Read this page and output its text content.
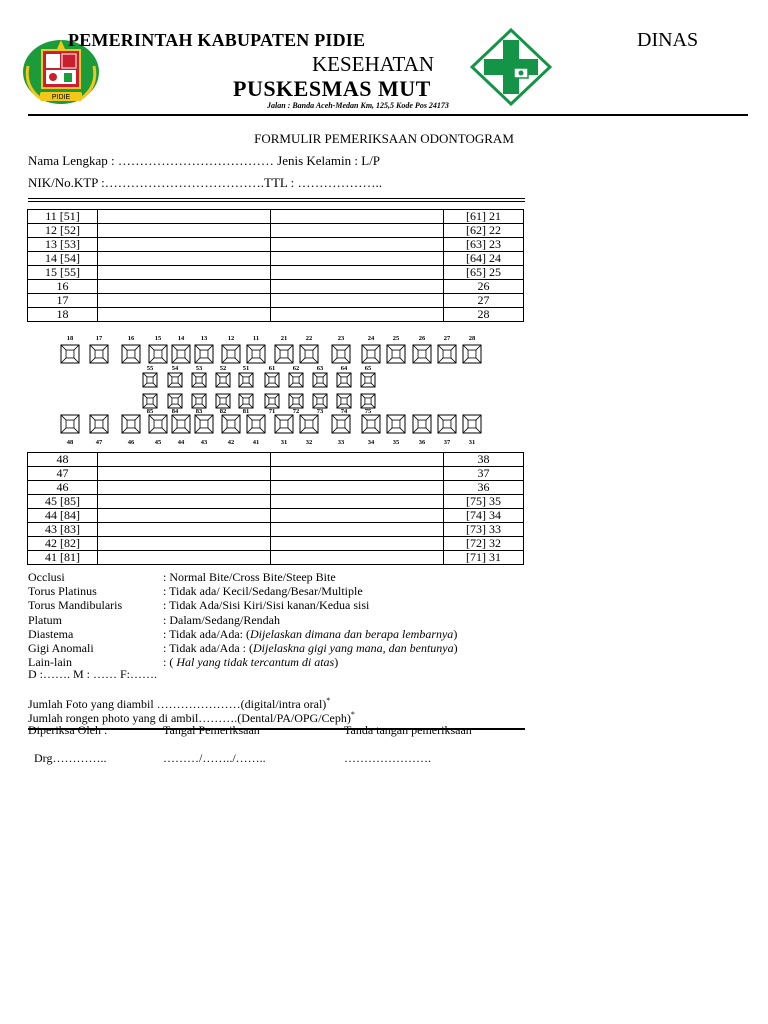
PIDIE
PEMERINTAH KABUPATEN PIDIE	DINAS
KESEHATAN
PUSKESMAS MUT
Jalan : Banda Aceh-Medan Km, 125,5 Kode Pos 24173
FORMULIR PEMERIKSAAN ODONTOGRAM
Nama Lengkap : ……………………………… Jenis Kelamin : L/P
NIK/No.KTP :……………………………….TTL : ………………..
11 [51]			[61] 21
12 [52]			[62] 22
13 [53]			[63] 23
14 [54]			[64] 24
15 [55]			[65] 25
16			26
17			27
18			28
18	17	16	15	14	13	12	11	21	22	23	24	25	26	27	28
55	54	53	52	51	61	62	63	64	65
85	84	83	82	81	71	72	73	74	75
48	47	46	45	44	43	42	41	31	32	33	34	35	36	37	31
48			38
47			37
46			36
45 [85]			[75] 35
44 [84]			[74] 34
43 [83]			[73] 33
42 [82]			[72] 32
41 [81]			[71] 31
Occlusi	: Normal Bite/Cross Bite/Steep Bite
Torus Platinus	: Tidak ada/ Kecil/Sedang/Besar/Multiple
Torus Mandibularis	: Tidak Ada/Sisi Kiri/Sisi kanan/Kedua sisi
Platum	: Dalam/Sedang/Rendah
Diastema	: Tidak ada/Ada: (Dijelaskan dimana dan berapa lembarnya)
Gigi Anomali	: Tidak ada/Ada : (Dijelaskna gigi yang mana, dan bentunya)
Lain-lain	: ( Hal yang tidak tercantum di atas)
D :……. M : …… F:…….
Jumlah Foto yang diambil …………………(digital/intra oral)*
Jumlah rongen photo yang di ambil……….(Dental/PA/OPG/Ceph)*
Diperiksa Oleh :	Tangal Pemeriksaan	Tanda tangan pemeriksaan
Drg…………..	………/……../……..	………………….
